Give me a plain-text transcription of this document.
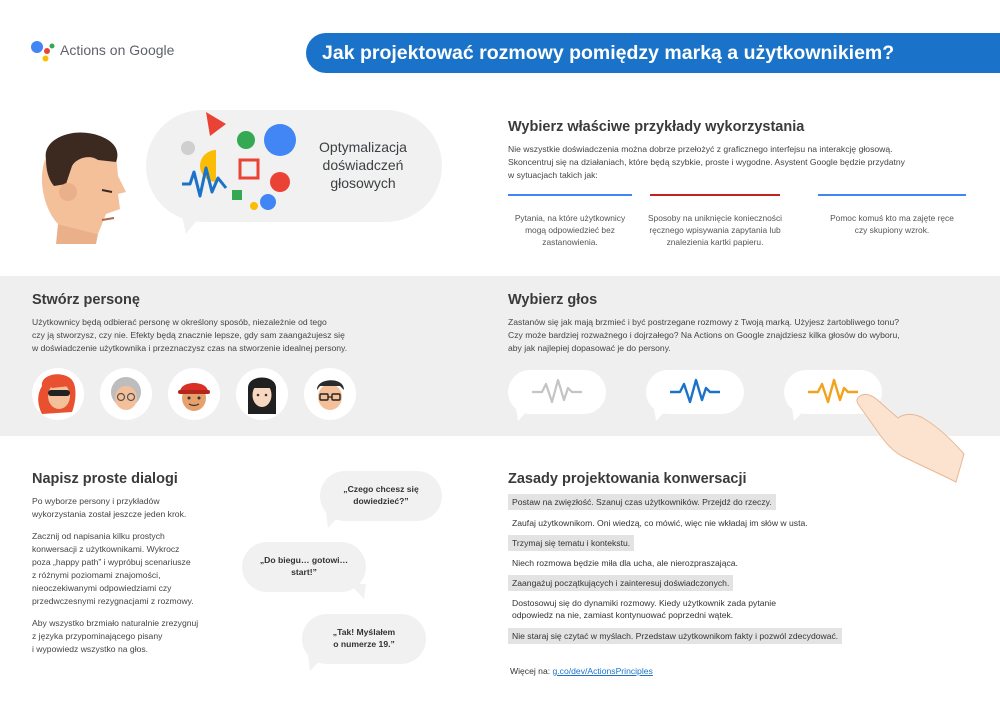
Actions on Google	Jak projektować rozmowy pomiędzy marką a użytkownikiem?
Optymalizacja
doświadczeń
głosowych
Wybierz właściwe przykłady wykorzystania

Nie wszystkie doświadczenia można dobrze przełożyć z graficznego interfejsu na interakcję głosową.
Skoncentruj się na działaniach, które będą szybkie, proste i wygodne. Asystent Google będzie przydatny
w sytuacjach takich jak:

Pytania, na które użytkownicy
mogą odpowiedzieć bez
zastanowienia.
Sposoby na uniknięcie konieczności
ręcznego wpisywania zapytania lub
znalezienia kartki papieru.
Pomoc komuś kto ma zajęte ręce
czy skupiony wzrok.
Stwórz personę

Użytkownicy będą odbierać personę w określony sposób, niezależnie od tego
czy ją stworzysz, czy nie. Efekty będą znacznie lepsze, gdy sam zaangażujesz się
w doświadczenie użytkownika i przeznaczysz czas na stworzenie idealnej persony.

Wybierz głos

Zastanów się jak mają brzmieć i być postrzegane rozmowy z Twoją marką. Użyjesz żartobliwego tonu?
Czy może bardziej rozważnego i dojrzałego? Na Actions on Google znajdziesz kilka głosów do wyboru,
aby jak najlepiej dopasować je do persony.

Napisz proste dialogi

Po wyborze persony i przykładów
wykorzystania został jeszcze jeden krok.

Zacznij od napisania kilku prostych
konwersacji z użytkownikami. Wykrocz
poza „happy path” i wypróbuj scenariusze
z różnymi poziomami znajomości,
nieoczekiwanymi odpowiedziami czy
przedwczesnymi rezygnacjami z rozmowy.

Aby wszystko brzmiało naturalnie zrezygnuj
z języka przypominającego pisany
i wypowiedz wszystko na głos.

„Czego chcesz się
dowiedzieć?”
„Do biegu… gotowi…
start!”
„Tak! Myślałem
o numerze 19.”
Zasady projektowania konwersacji
Postaw na zwięzłość. Szanuj czas użytkowników. Przejdź do rzeczy.
Zaufaj użytkownikom. Oni wiedzą, co mówić, więc nie wkładaj im słów w usta.
Trzymaj się tematu i kontekstu.
Niech rozmowa będzie miła dla ucha, ale nierozpraszająca.
Zaangażuj początkujących i zainteresuj doświadczonych.
Dostosowuj się do dynamiki rozmowy. Kiedy użytkownik zada pytanie
odpowiedz na nie, zamiast kontynuować poprzedni wątek.
Nie staraj się czytać w myślach. Przedstaw użytkownikom fakty i pozwól zdecydować.
Więcej na: g.co/dev/ActionsPrinciples
